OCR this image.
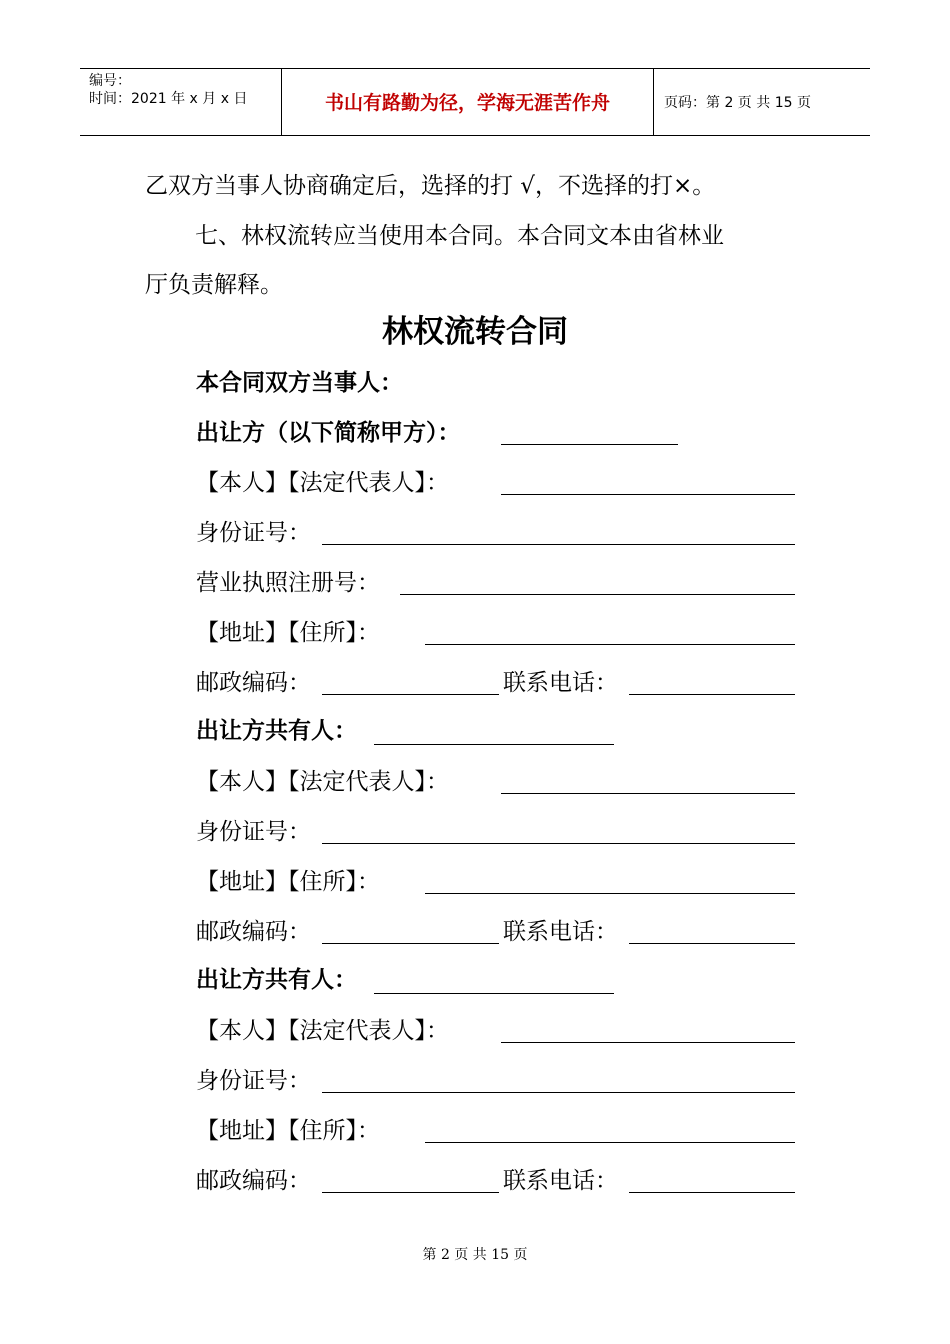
编号：
时间：2021 年 x 月 x 日	书山有路勤为径，学海无涯苦作舟	页码：第 2 页 共 15 页
乙双方当事人协商确定后，选择的打 √，不选择的打×。
七、林权流转应当使用本合同。本合同文本由省林业
厅负责解释。
林权流转合同
本合同双方当事人：
出让方（以下简称甲方）：
【本人】【法定代表人】：
身份证号：
营业执照注册号：
【地址】【住所】：
邮政编码：	联系电话：
出让方共有人：
【本人】【法定代表人】：
身份证号：
【地址】【住所】：
邮政编码：	联系电话：
出让方共有人：
【本人】【法定代表人】：
身份证号：
【地址】【住所】：
邮政编码：	联系电话：
第 2 页 共 15 页
